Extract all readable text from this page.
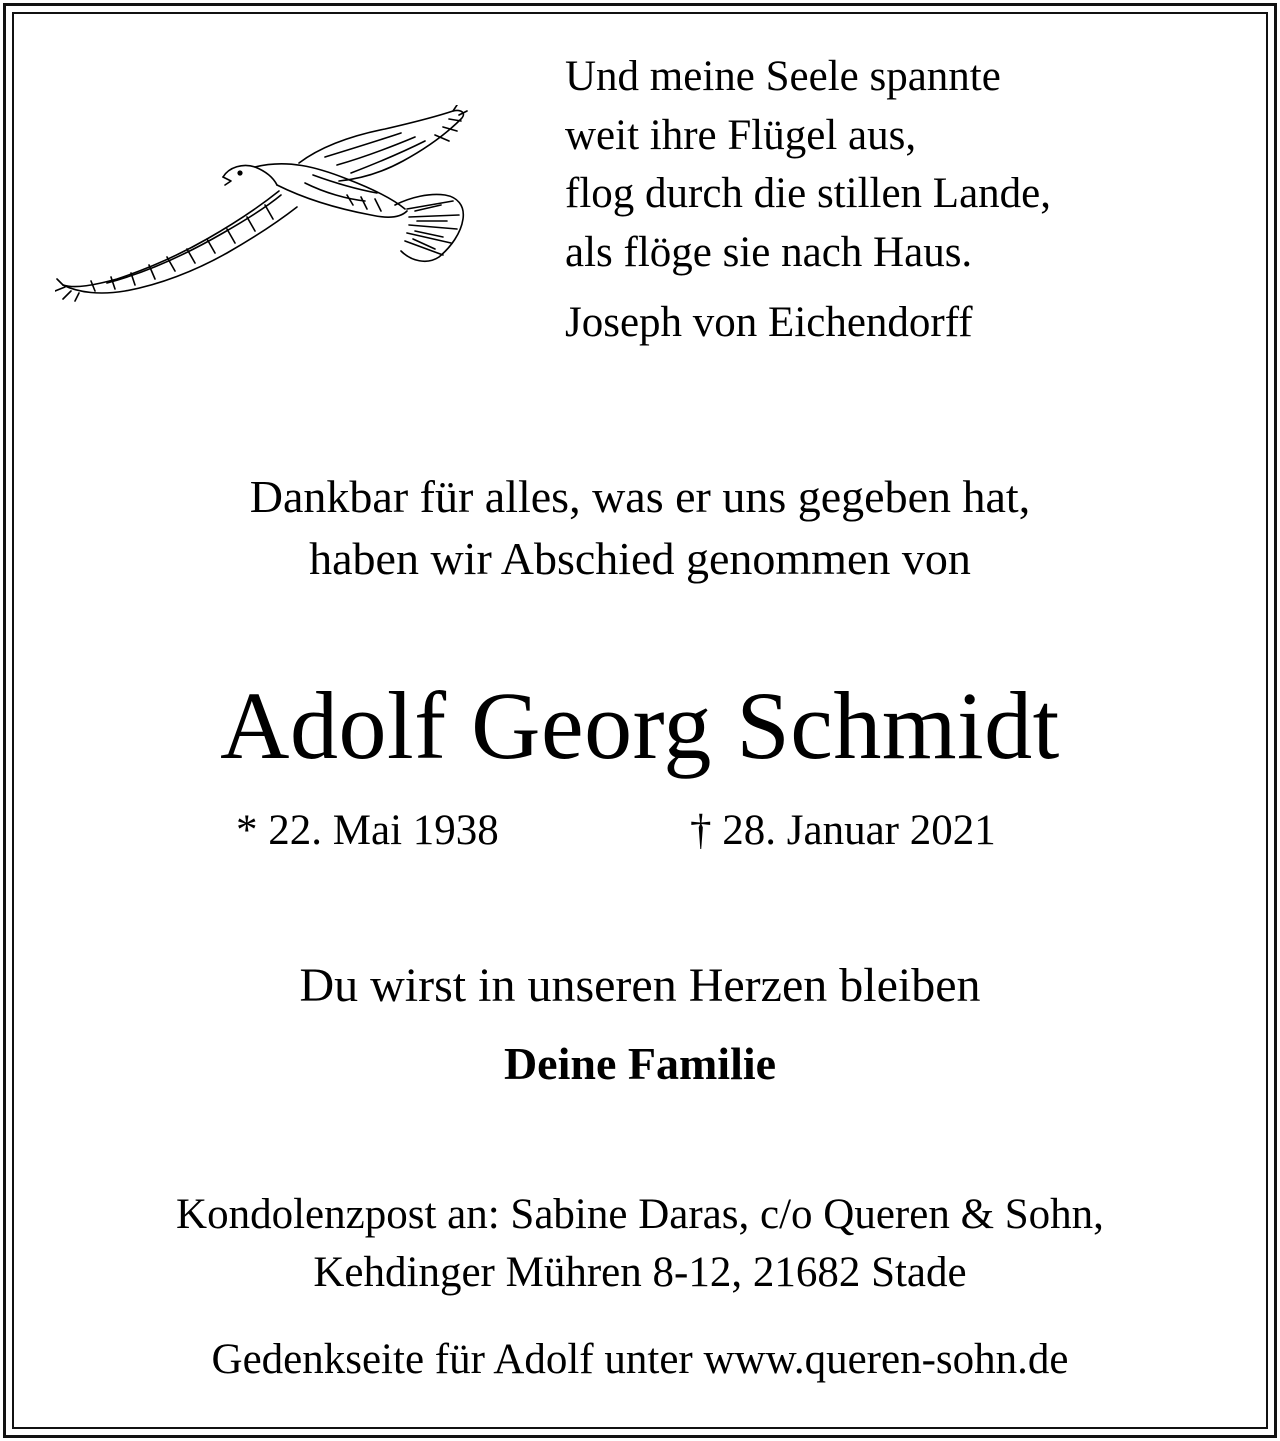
Und meine Seele spannte
weit ihre Flügel aus,
flog durch die stillen Lande,
als flöge sie nach Haus.
Joseph von Eichendorff
Dankbar für alles, was er uns gegeben hat,
haben wir Abschied genommen von
Adolf Georg Schmidt
* 22. Mai 1938	† 28. Januar 2021
Du wirst in unseren Herzen bleiben
Deine Familie
Kondolenzpost an: Sabine Daras, c/o Queren & Sohn,
Kehdinger Mühren 8-12, 21682 Stade
Gedenkseite für Adolf unter www.queren-sohn.de
